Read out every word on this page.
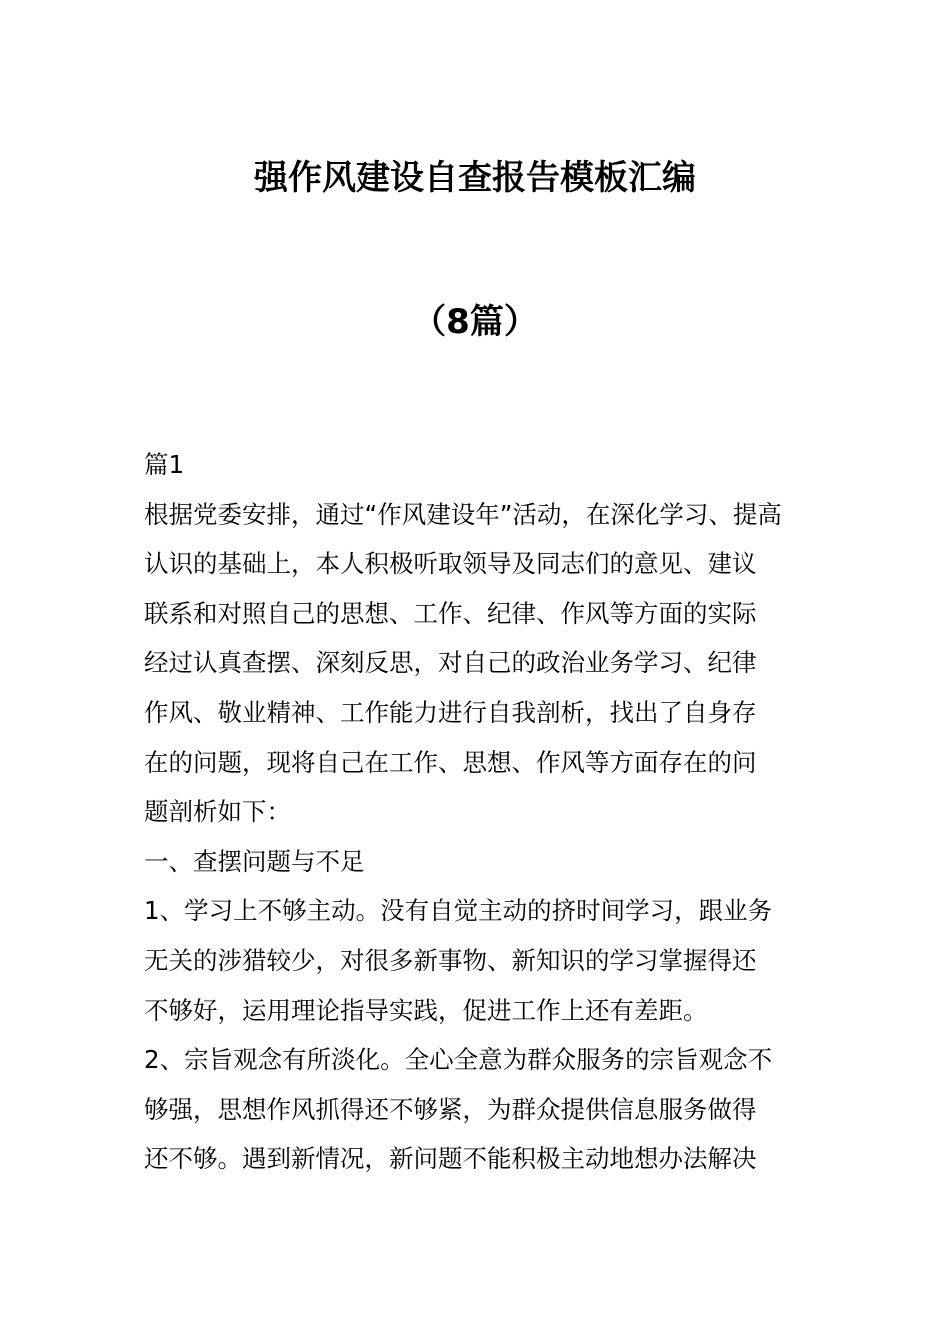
强作风建设自查报告模板汇编
（8篇）
篇1
根据党委安排，通过“作风建设年”活动，在深化学习、提高
认识的基础上，本人积极听取领导及同志们的意见、建议
联系和对照自己的思想、工作、纪律、作风等方面的实际
经过认真查摆、深刻反思，对自己的政治业务学习、纪律
作风、敬业精神、工作能力进行自我剖析，找出了自身存
在的问题，现将自己在工作、思想、作风等方面存在的问
题剖析如下：
一、查摆问题与不足
1、学习上不够主动。没有自觉主动的挤时间学习，跟业务
无关的涉猎较少，对很多新事物、新知识的学习掌握得还
不够好，运用理论指导实践，促进工作上还有差距。
2、宗旨观念有所淡化。全心全意为群众服务的宗旨观念不
够强，思想作风抓得还不够紧，为群众提供信息服务做得
还不够。遇到新情况，新问题不能积极主动地想办法解决
